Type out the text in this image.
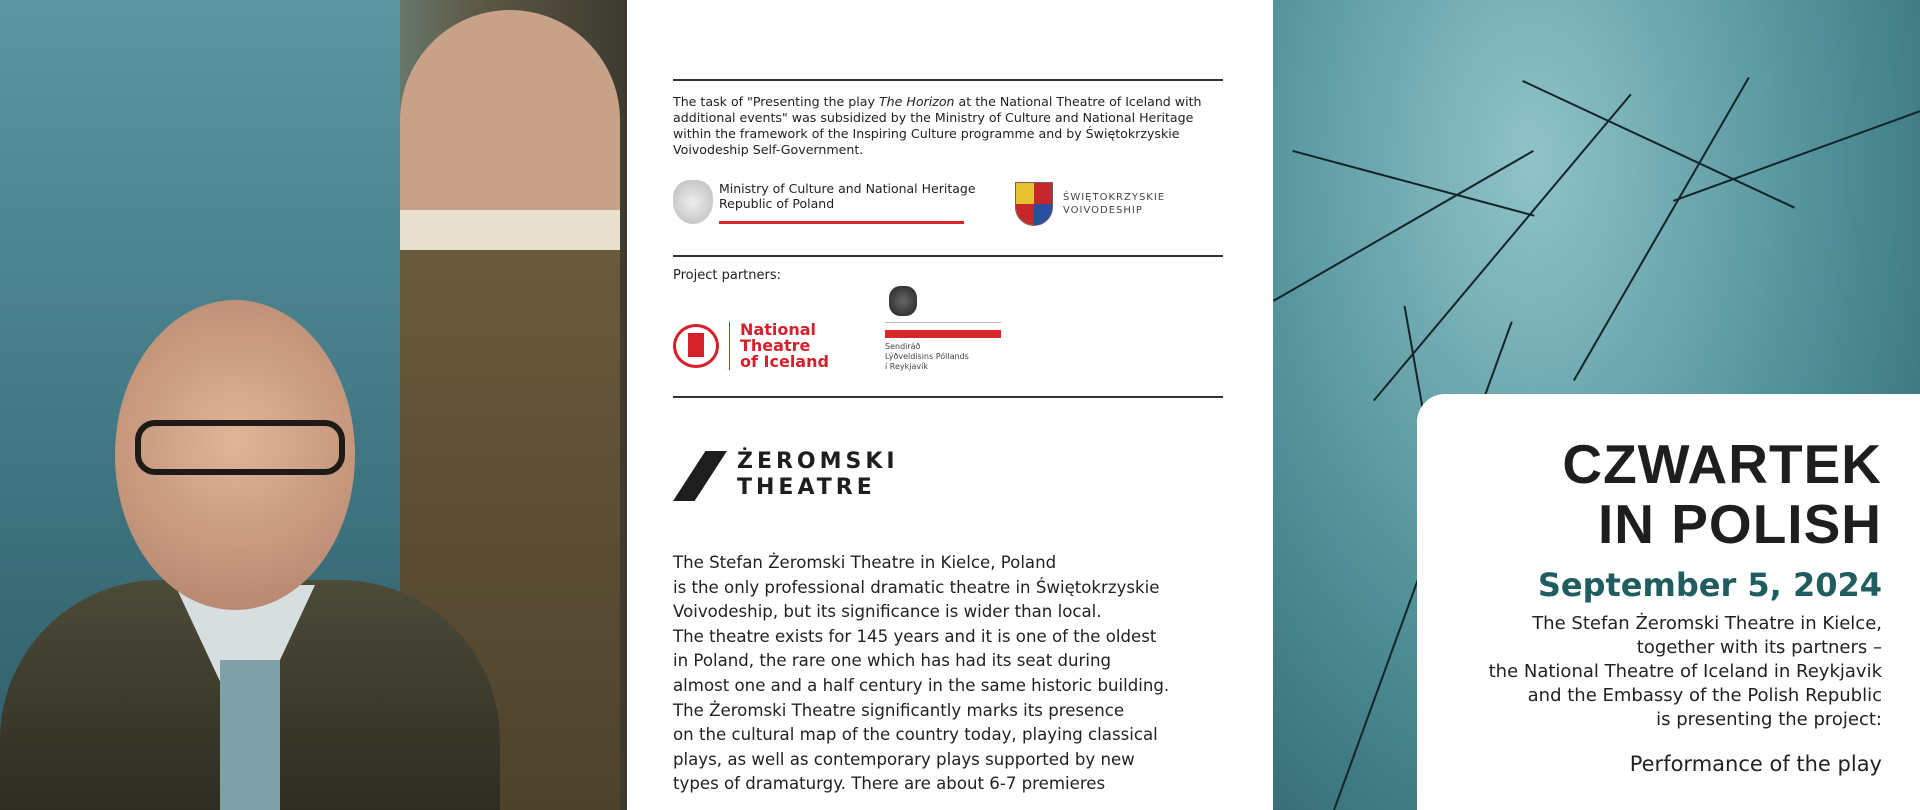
The task of "Presenting the play The Horizon at the National Theatre of Iceland with additional events" was subsidized by the Ministry of Culture and National Heritage within the framework of the Inspiring Culture programme and by Świętokrzyskie Voivodeship Self-Government.

Ministry of Culture and National Heritage
Republic of Poland	ŚWIĘTOKRZYSKIE
VOIVODESHIP
Project partners:
National
Theatre
of Iceland
Sendiráð
Lýðveldisins Póllands
í Reykjavík
ŻEROMSKI
THEATRE

The Stefan Żeromski Theatre in Kielce, Poland
is the only professional dramatic theatre in Świętokrzyskie
Voivodeship, but its significance is wider than local.
The theatre exists for 145 years and it is one of the oldest
in Poland, the rare one which has had its seat during
almost one and a half century in the same historic building.
The Żeromski Theatre significantly marks its presence
on the cultural map of the country today, playing classical
plays, as well as contemporary plays supported by new
types of dramaturgy. There are about 6-7 premieres

CZWARTEK
IN POLISH
September 5, 2024

The Stefan Żeromski Theatre in Kielce,
together with its partners –
the National Theatre of Iceland in Reykjavik
and the Embassy of the Polish Republic
is presenting the project:

Performance of the play
